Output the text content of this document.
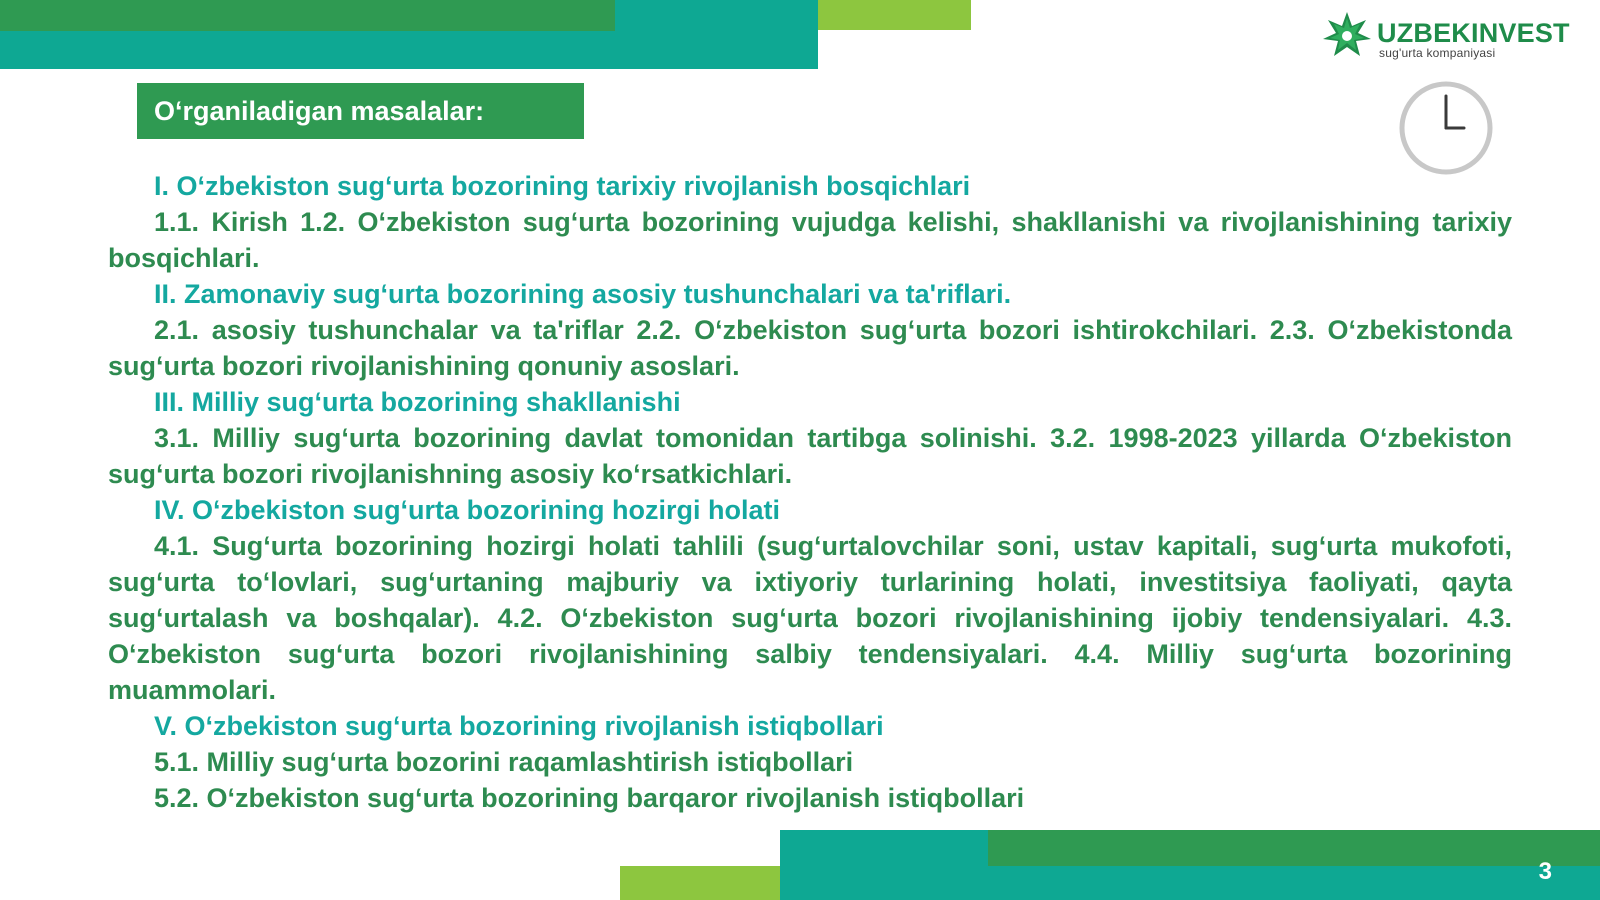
UZBEKINVEST
sug'urta kompaniyasi
O‘rganiladigan masalalar:

I. O‘zbekiston sug‘urta bozorining tarixiy rivojlanish bosqichlari

1.1. Kirish 1.2. O‘zbekiston sug‘urta bozorining vujudga kelishi, shakllanishi va rivojlanishining tarixiy bosqichlari.

II. Zamonaviy sug‘urta bozorining asosiy tushunchalari va ta'riflari.

2.1. asosiy tushunchalar va ta'riflar 2.2. O‘zbekiston sug‘urta bozori ishtirokchilari. 2.3. O‘zbekistonda sug‘urta bozori rivojlanishining qonuniy asoslari.

III. Milliy sug‘urta bozorining shakllanishi

3.1. Milliy sug‘urta bozorining davlat tomonidan tartibga solinishi. 3.2. 1998-2023 yillarda O‘zbekiston sug‘urta bozori rivojlanishning asosiy ko‘rsatkichlari.

IV. O‘zbekiston sug‘urta bozorining hozirgi holati

4.1. Sug‘urta bozorining hozirgi holati tahlili (sug‘urtalovchilar soni, ustav kapitali, sug‘urta mukofoti, sug‘urta to‘lovlari, sug‘urtaning majburiy va ixtiyoriy turlarining holati, investitsiya faoliyati, qayta sug‘urtalash va boshqalar). 4.2. O‘zbekiston sug‘urta bozori rivojlanishining ijobiy tendensiyalari. 4.3. O‘zbekiston sug‘urta bozori rivojlanishining salbiy tendensiyalari. 4.4. Milliy sug‘urta bozorining muammolari.

V. O‘zbekiston sug‘urta bozorining rivojlanish istiqbollari

5.1. Milliy sug‘urta bozorini raqamlashtirish istiqbollari

5.2. O‘zbekiston sug‘urta bozorining barqaror rivojlanish istiqbollari

3
